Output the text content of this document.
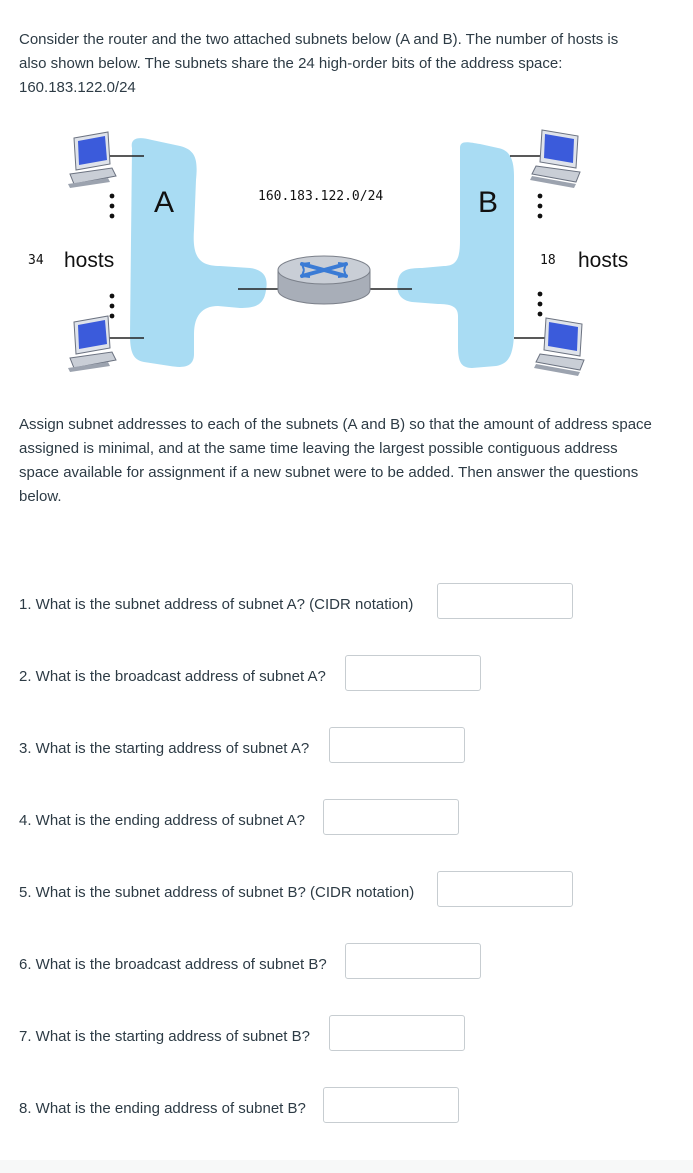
Consider the router and the two attached subnets below (A and B). The number of hosts is
also shown below. The subnets share the 24 high-order bits of the address space:
160.183.122.0/24
A	B
160.183.122.0/24
34 hosts	18 hosts
Assign subnet addresses to each of the subnets (A and B) so that the amount of address space
assigned is minimal, and at the same time leaving the largest possible contiguous address
space available for assignment if a new subnet were to be added. Then answer the questions
below.
1. What is the subnet address of subnet A? (CIDR notation)
2. What is the broadcast address of subnet A?
3. What is the starting address of subnet A?
4. What is the ending address of subnet A?
5. What is the subnet address of subnet B? (CIDR notation)
6. What is the broadcast address of subnet B?
7. What is the starting address of subnet B?
8. What is the ending address of subnet B?
